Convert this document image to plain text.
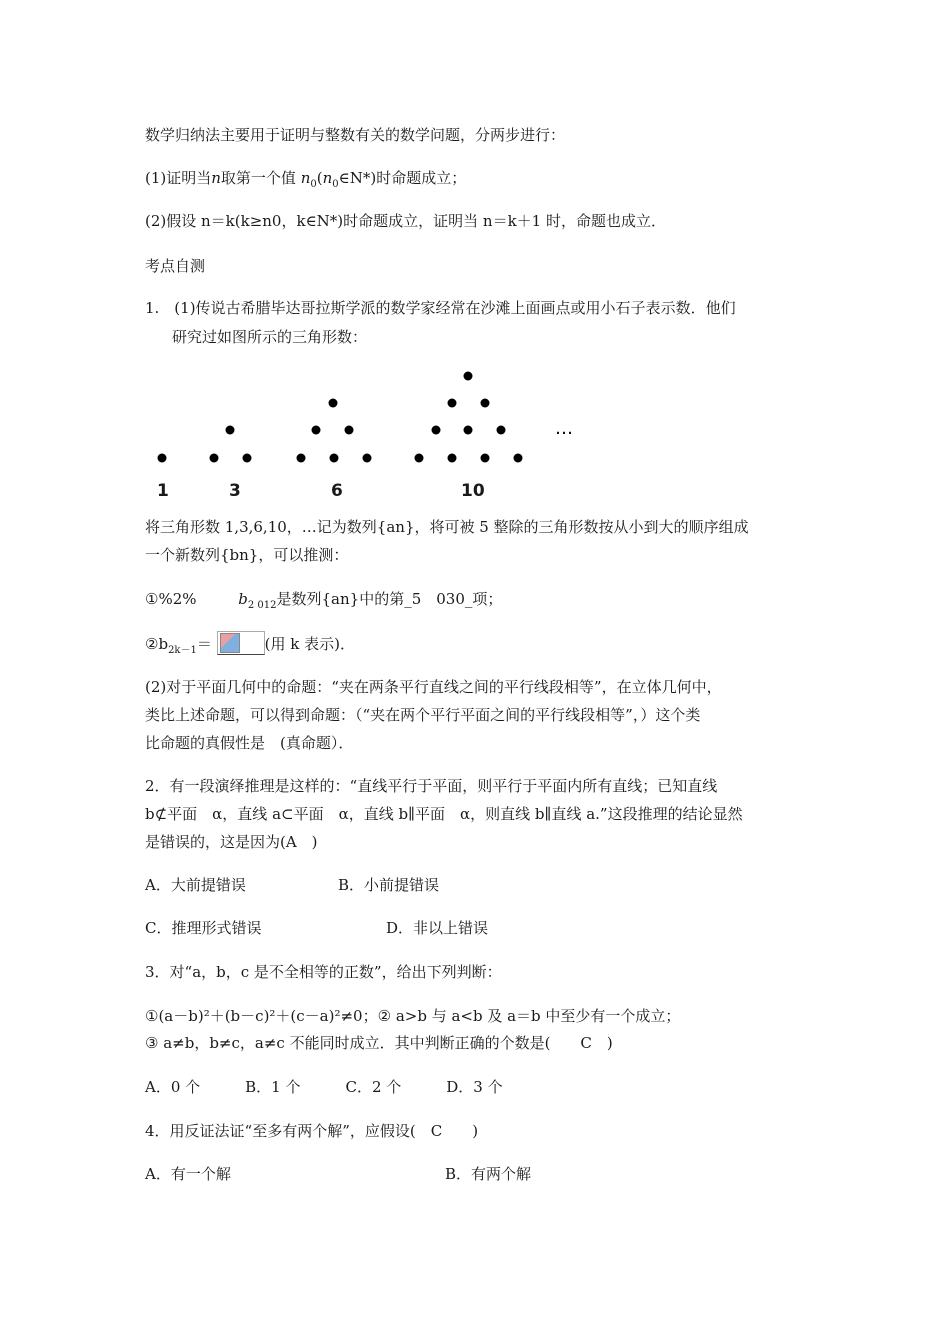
数学归纳法主要用于证明与整数有关的数学问题，分两步进行：
(1)证明当n取第一个值 $n_0(n_0\in N*)$时命题成立；
(2)假设 n＝k(k≥n0，k∈N*)时命题成立，证明当 n＝k＋1 时，命题也成立．
考点自测
1.　(1)传说古希腊毕达哥拉斯学派的数学家经常在沙滩上面画点或用小石子表示数．他们
研究过如图所示的三角形数：
…
1	3	6	10
将三角形数 1,3,6,10，…记为数列{an}，将可被 5 整除的三角形数按从小到大的顺序组成
一个新数列{bn}，可以推测：
①%2%　 $b_{2 012}$是数列{an}中的第_5　030_项；
$②b_{2k-1}=$	(用 k 表示)．
(2)对于平面几何中的命题：“夹在两条平行直线之间的平行线段相等”，在立体几何中，
类比上述命题，可以得到命题：（“夹在两个平行平面之间的平行线段相等”，）这个类
比命题的真假性是　(真命题）．
2．有一段演绎推理是这样的：“直线平行于平面，则平行于平面内所有直线；已知直线
b⊄平面　α，直线 a⊂平面　α，直线 b∥平面　α，则直线 b∥直线 a.”这段推理的结论显然
是错误的，这是因为(A　)
A．大前提错误	B．小前提错误
C．推理形式错误	D．非以上错误
3．对“a，b，c 是不全相等的正数”，给出下列判断：
①(a－b)²＋(b－c)²＋(c－a)²≠0；② a>b 与 a<b 及 a＝b 中至少有一个成立；
③ a≠b，b≠c，a≠c 不能同时成立．其中判断正确的个数是(　　C　)
A．0 个　　　B．1 个　　　C．2 个　　　D．3 个
4．用反证法证“至多有两个解”，应假设(　C　　)
A．有一个解	B．有两个解
